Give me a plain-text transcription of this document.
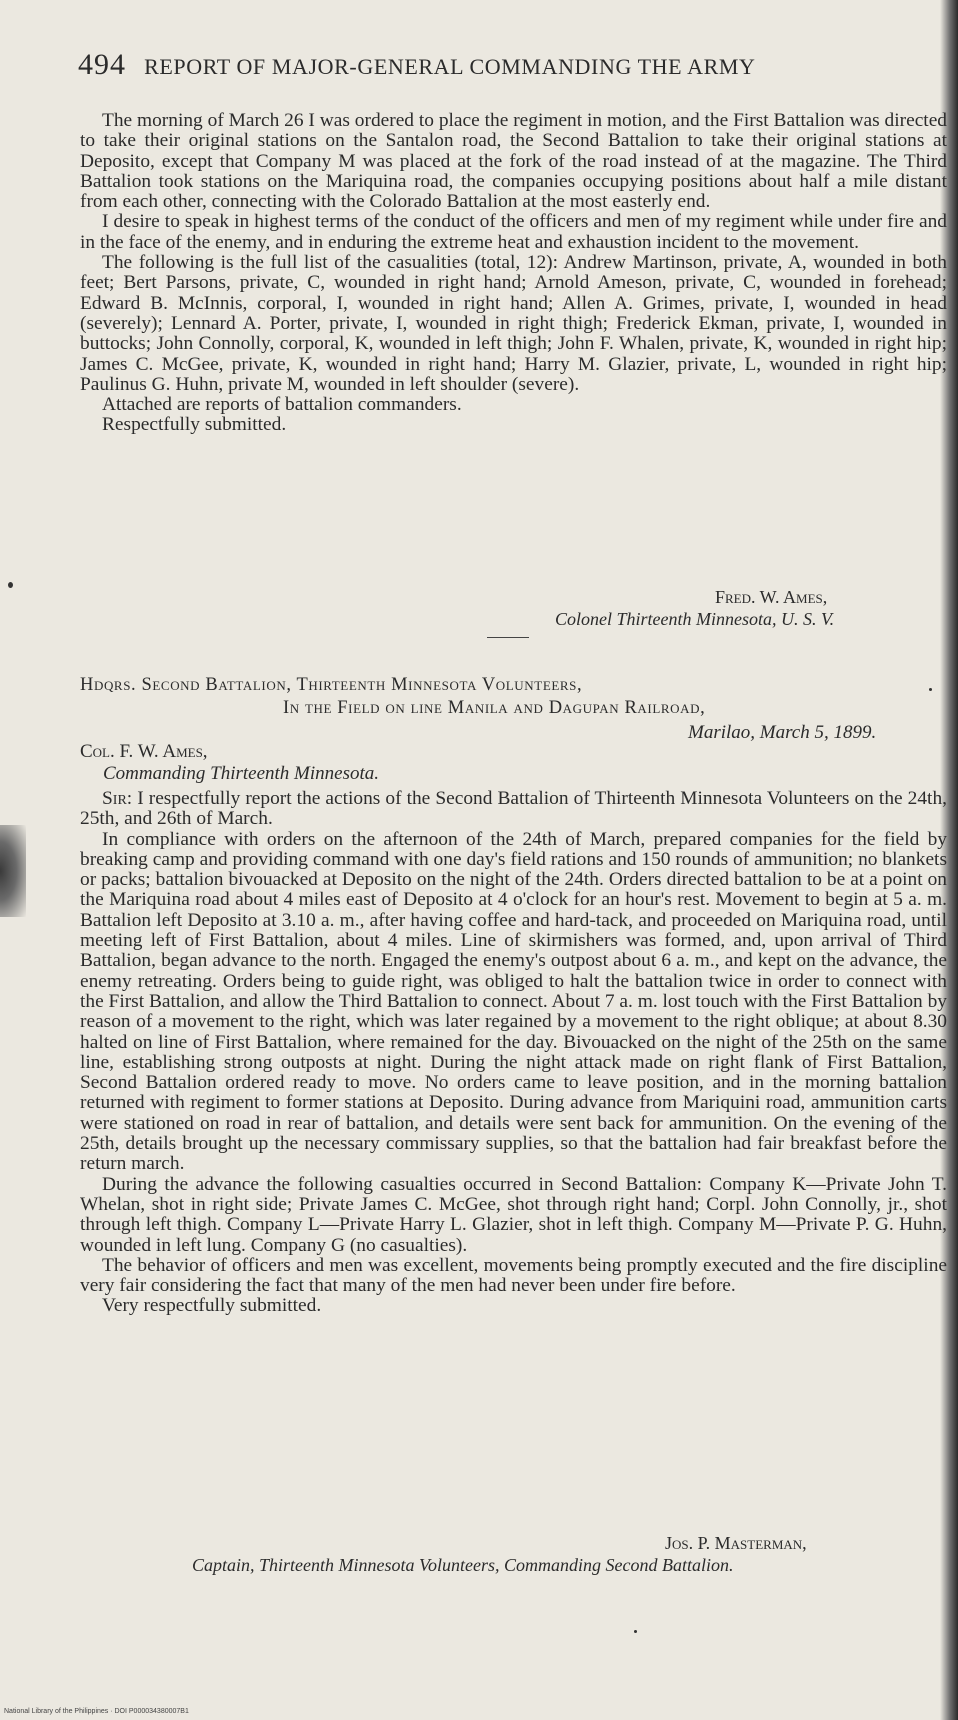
494 REPORT OF MAJOR-GENERAL COMMANDING THE ARMY

The morning of March 26 I was ordered to place the regiment in motion, and the First Battalion was directed to take their original stations on the Santalon road, the Second Battalion to take their original stations at Deposito, except that Company M was placed at the fork of the road instead of at the magazine. The Third Battalion took stations on the Mariquina road, the companies occupying positions about half a mile distant from each other, connecting with the Colorado Battalion at the most easterly end.

I desire to speak in highest terms of the conduct of the officers and men of my regiment while under fire and in the face of the enemy, and in enduring the extreme heat and exhaustion incident to the movement.

The following is the full list of the casualities (total, 12): Andrew Martinson, private, A, wounded in both feet; Bert Parsons, private, C, wounded in right hand; Arnold Ameson, private, C, wounded in forehead; Edward B. McInnis, corporal, I, wounded in right hand; Allen A. Grimes, private, I, wounded in head (severely); Lennard A. Porter, private, I, wounded in right thigh; Frederick Ekman, private, I, wounded in buttocks; John Connolly, corporal, K, wounded in left thigh; John F. Whalen, private, K, wounded in right hip; James C. McGee, private, K, wounded in right hand; Harry M. Glazier, private, L, wounded in right hip; Paulinus G. Huhn, private M, wounded in left shoulder (severe).

Attached are reports of battalion commanders.

Respectfully submitted.

Fred. W. Ames,
Colonel Thirteenth Minnesota, U. S. V.
Hdqrs. Second Battalion, Thirteenth Minnesota Volunteers,
In the Field on line Manila and Dagupan Railroad,
Marilao, March 5, 1899.
Col. F. W. Ames,
Commanding Thirteenth Minnesota.

Sir: I respectfully report the actions of the Second Battalion of Thirteenth Minnesota Volunteers on the 24th, 25th, and 26th of March.

In compliance with orders on the afternoon of the 24th of March, prepared companies for the field by breaking camp and providing command with one day's field rations and 150 rounds of ammunition; no blankets or packs; battalion bivouacked at Deposito on the night of the 24th. Orders directed battalion to be at a point on the Mariquina road about 4 miles east of Deposito at 4 o'clock for an hour's rest. Movement to begin at 5 a. m. Battalion left Deposito at 3.10 a. m., after having coffee and hard-tack, and proceeded on Mariquina road, until meeting left of First Battalion, about 4 miles. Line of skirmishers was formed, and, upon arrival of Third Battalion, began advance to the north. Engaged the enemy's outpost about 6 a. m., and kept on the advance, the enemy retreating. Orders being to guide right, was obliged to halt the battalion twice in order to connect with the First Battalion, and allow the Third Battalion to connect. About 7 a. m. lost touch with the First Battalion by reason of a movement to the right, which was later regained by a movement to the right oblique; at about 8.30 halted on line of First Battalion, where remained for the day. Bivouacked on the night of the 25th on the same line, establishing strong outposts at night. During the night attack made on right flank of First Battalion, Second Battalion ordered ready to move. No orders came to leave position, and in the morning battalion returned with regiment to former stations at Deposito. During advance from Mariquini road, ammunition carts were stationed on road in rear of battalion, and details were sent back for ammunition. On the evening of the 25th, details brought up the necessary commissary supplies, so that the battalion had fair breakfast before the return march.

During the advance the following casualties occurred in Second Battalion: Company K—Private John T. Whelan, shot in right side; Private James C. McGee, shot through right hand; Corpl. John Connolly, jr., shot through left thigh. Company L—Private Harry L. Glazier, shot in left thigh. Company M—Private P. G. Huhn, wounded in left lung. Company G (no casualties).

The behavior of officers and men was excellent, movements being promptly executed and the fire discipline very fair considering the fact that many of the men had never been under fire before.

Very respectfully submitted.

Jos. P. Masterman,
Captain, Thirteenth Minnesota Volunteers, Commanding Second Battalion.
National Library of the Philippines · DOI P000034380007B1
